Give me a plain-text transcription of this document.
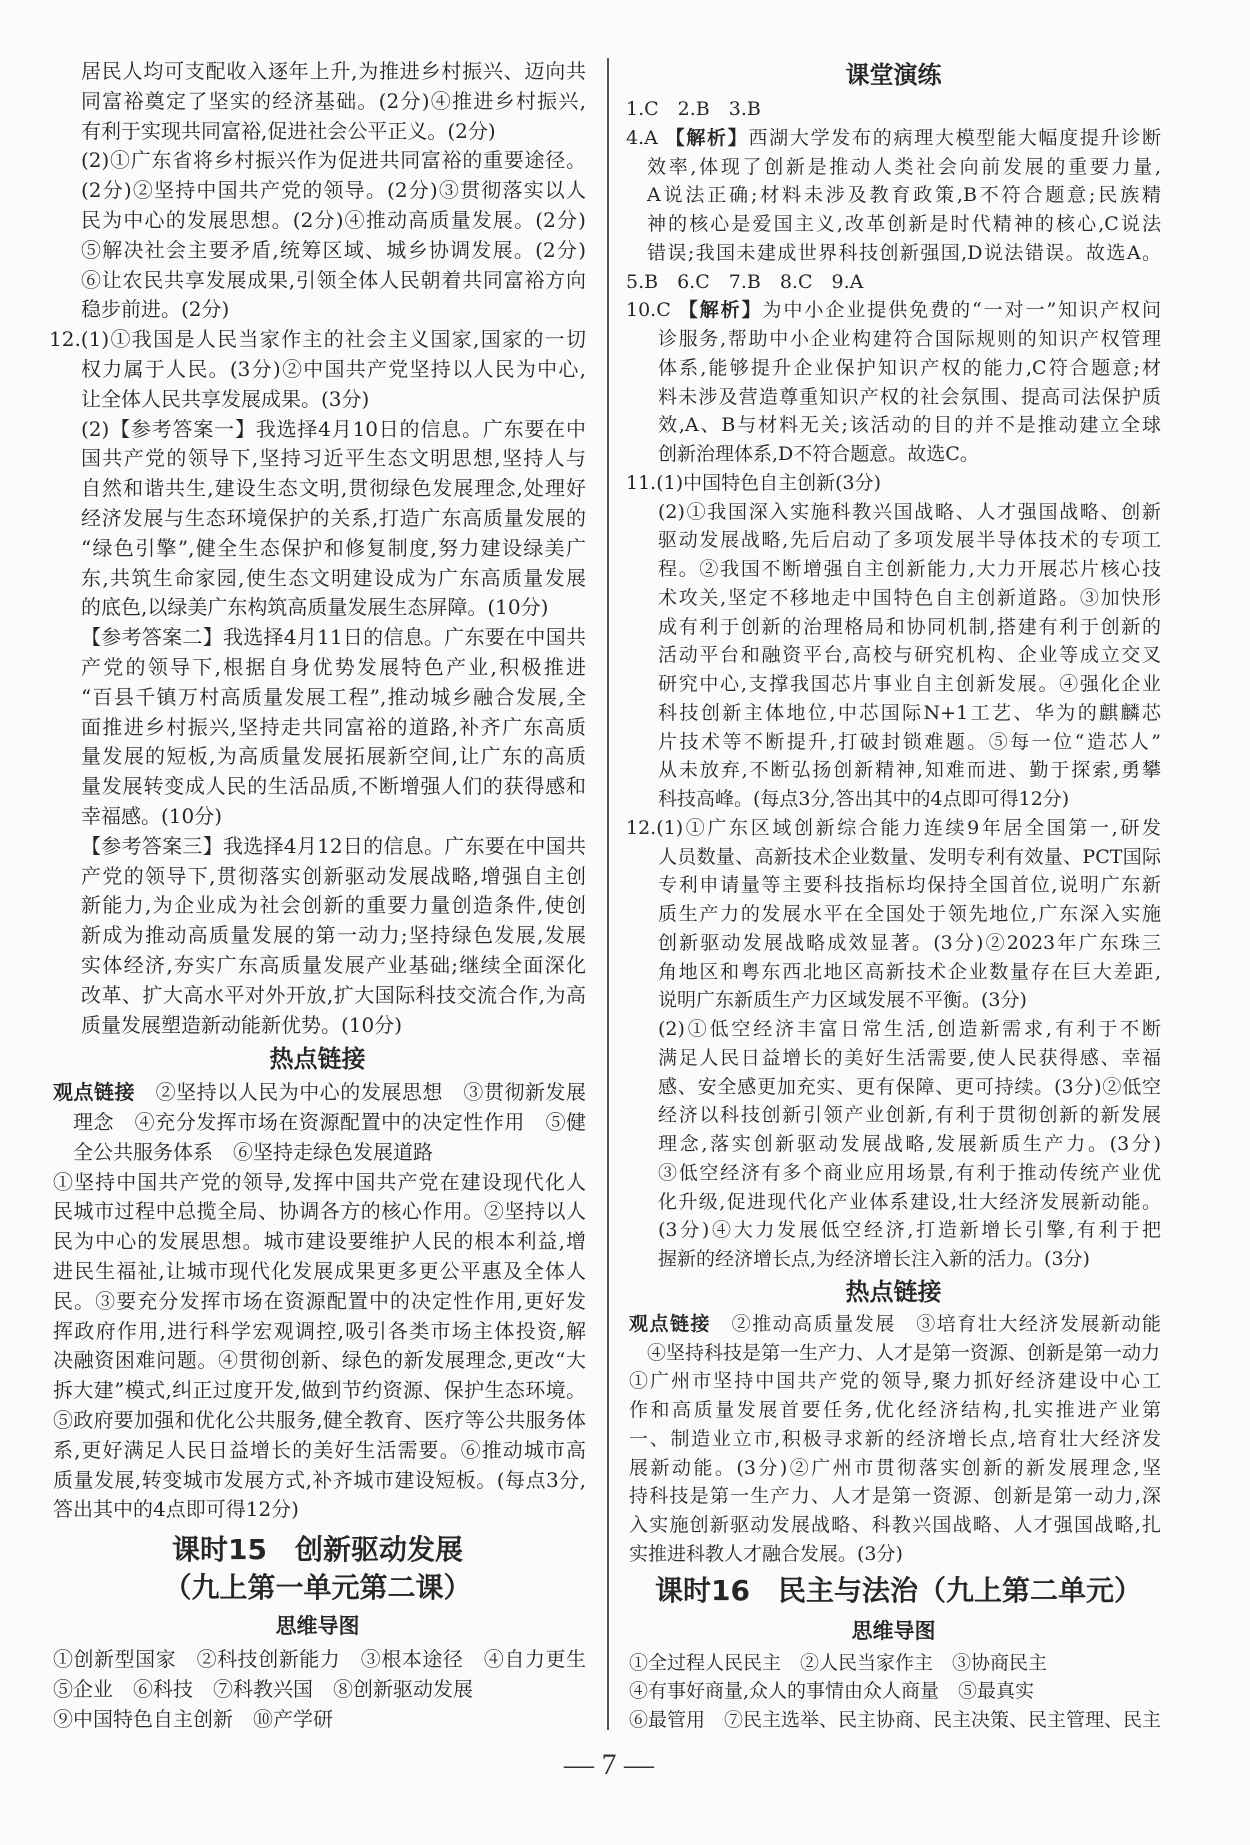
居民人均可支配收入逐年上升,为推进乡村振兴、迈向共
同富裕奠定了坚实的经济基础。(2分)④推进乡村振兴,
有利于实现共同富裕,促进社会公平正义。(2分)
(2)①广东省将乡村振兴作为促进共同富裕的重要途径。
(2分)②坚持中国共产党的领导。(2分)③贯彻落实以人
民为中心的发展思想。(2分)④推动高质量发展。(2分)
⑤解决社会主要矛盾,统筹区域、城乡协调发展。(2分)
⑥让农民共享发展成果,引领全体人民朝着共同富裕方向
稳步前进。(2分)
12.(1)①我国是人民当家作主的社会主义国家,国家的一切
权力属于人民。(3分)②中国共产党坚持以人民为中心,
让全体人民共享发展成果。(3分)
(2)【参考答案一】我选择4月10日的信息。广东要在中
国共产党的领导下,坚持习近平生态文明思想,坚持人与
自然和谐共生,建设生态文明,贯彻绿色发展理念,处理好
经济发展与生态环境保护的关系,打造广东高质量发展的
“绿色引擎”,健全生态保护和修复制度,努力建设绿美广
东,共筑生命家园,使生态文明建设成为广东高质量发展
的底色,以绿美广东构筑高质量发展生态屏障。(10分)
【参考答案二】我选择4月11日的信息。广东要在中国共
产党的领导下,根据自身优势发展特色产业,积极推进
“百县千镇万村高质量发展工程”,推动城乡融合发展,全
面推进乡村振兴,坚持走共同富裕的道路,补齐广东高质
量发展的短板,为高质量发展拓展新空间,让广东的高质
量发展转变成人民的生活品质,不断增强人们的获得感和
幸福感。(10分)
【参考答案三】我选择4月12日的信息。广东要在中国共
产党的领导下,贯彻落实创新驱动发展战略,增强自主创
新能力,为企业成为社会创新的重要力量创造条件,使创
新成为推动高质量发展的第一动力;坚持绿色发展,发展
实体经济,夯实广东高质量发展产业基础;继续全面深化
改革、扩大高水平对外开放,扩大国际科技交流合作,为高
质量发展塑造新动能新优势。(10分)
热点链接
观点链接　②坚持以人民为中心的发展思想　③贯彻新发展
理念　④充分发挥市场在资源配置中的决定性作用　⑤健
全公共服务体系　⑥坚持走绿色发展道路
①坚持中国共产党的领导,发挥中国共产党在建设现代化人
民城市过程中总揽全局、协调各方的核心作用。②坚持以人
民为中心的发展思想。城市建设要维护人民的根本利益,增
进民生福祉,让城市现代化发展成果更多更公平惠及全体人
民。③要充分发挥市场在资源配置中的决定性作用,更好发
挥政府作用,进行科学宏观调控,吸引各类市场主体投资,解
决融资困难问题。④贯彻创新、绿色的新发展理念,更改“大
拆大建”模式,纠正过度开发,做到节约资源、保护生态环境。
⑤政府要加强和优化公共服务,健全教育、医疗等公共服务体
系,更好满足人民日益增长的美好生活需要。⑥推动城市高
质量发展,转变城市发展方式,补齐城市建设短板。(每点3分,
答出其中的4点即可得12分)
课时15　创新驱动发展
（九上第一单元第二课）
思维导图
①创新型国家　②科技创新能力　③根本途径　④自力更生
⑤企业　⑥科技　⑦科教兴国　⑧创新驱动发展
⑨中国特色自主创新　⑩产学研
课堂演练
1.C　2.B　3.B
4.A 【解析】西湖大学发布的病理大模型能大幅度提升诊断
效率,体现了创新是推动人类社会向前发展的重要力量,
A说法正确;材料未涉及教育政策,B不符合题意;民族精
神的核心是爱国主义,改革创新是时代精神的核心,C说法
错误;我国未建成世界科技创新强国,D说法错误。故选A。
5.B　6.C　7.B　8.C　9.A
10.C 【解析】为中小企业提供免费的“一对一”知识产权问
诊服务,帮助中小企业构建符合国际规则的知识产权管理
体系,能够提升企业保护知识产权的能力,C符合题意;材
料未涉及营造尊重知识产权的社会氛围、提高司法保护质
效,A、B与材料无关;该活动的目的并不是推动建立全球
创新治理体系,D不符合题意。故选C。
11.(1)中国特色自主创新(3分)
(2)①我国深入实施科教兴国战略、人才强国战略、创新
驱动发展战略,先后启动了多项发展半导体技术的专项工
程。②我国不断增强自主创新能力,大力开展芯片核心技
术攻关,坚定不移地走中国特色自主创新道路。③加快形
成有利于创新的治理格局和协同机制,搭建有利于创新的
活动平台和融资平台,高校与研究机构、企业等成立交叉
研究中心,支撑我国芯片事业自主创新发展。④强化企业
科技创新主体地位,中芯国际N+1工艺、华为的麒麟芯
片技术等不断提升,打破封锁难题。⑤每一位“造芯人”
从未放弃,不断弘扬创新精神,知难而进、勤于探索,勇攀
科技高峰。(每点3分,答出其中的4点即可得12分)
12.(1)①广东区域创新综合能力连续9年居全国第一,研发
人员数量、高新技术企业数量、发明专利有效量、PCT国际
专利申请量等主要科技指标均保持全国首位,说明广东新
质生产力的发展水平在全国处于领先地位,广东深入实施
创新驱动发展战略成效显著。(3分)②2023年广东珠三
角地区和粤东西北地区高新技术企业数量存在巨大差距,
说明广东新质生产力区域发展不平衡。(3分)
(2)①低空经济丰富日常生活,创造新需求,有利于不断
满足人民日益增长的美好生活需要,使人民获得感、幸福
感、安全感更加充实、更有保障、更可持续。(3分)②低空
经济以科技创新引领产业创新,有利于贯彻创新的新发展
理念,落实创新驱动发展战略,发展新质生产力。(3分)
③低空经济有多个商业应用场景,有利于推动传统产业优
化升级,促进现代化产业体系建设,壮大经济发展新动能。
(3分)④大力发展低空经济,打造新增长引擎,有利于把
握新的经济增长点,为经济增长注入新的活力。(3分)
热点链接
观点链接　②推动高质量发展　③培育壮大经济发展新动能
④坚持科技是第一生产力、人才是第一资源、创新是第一动力
①广州市坚持中国共产党的领导,聚力抓好经济建设中心工
作和高质量发展首要任务,优化经济结构,扎实推进产业第
一、制造业立市,积极寻求新的经济增长点,培育壮大经济发
展新动能。(3分)②广州市贯彻落实创新的新发展理念,坚
持科技是第一生产力、人才是第一资源、创新是第一动力,深
入实施创新驱动发展战略、科教兴国战略、人才强国战略,扎
实推进科教人才融合发展。(3分)
课时16　民主与法治（九上第二单元）
思维导图
①全过程人民民主　②人民当家作主　③协商民主
④有事好商量,众人的事情由众人商量　⑤最真实
⑥最管用　⑦民主选举、民主协商、民主决策、民主管理、民主
— 7 —
